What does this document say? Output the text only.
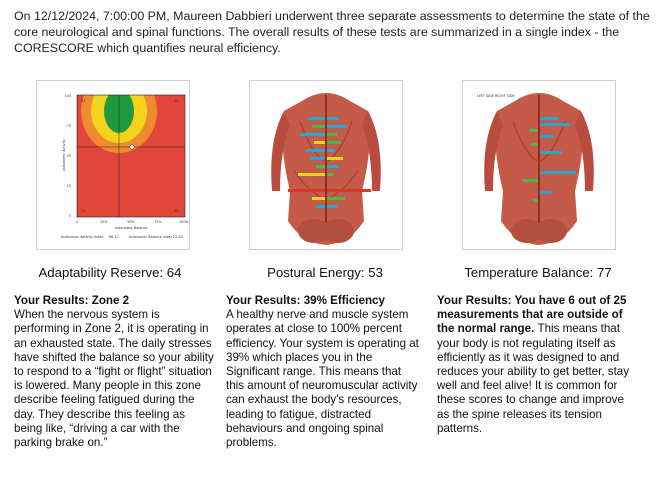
On 12/12/2024, 7:00:00 PM, Maureen Dabbieri underwent three separate assessments to determine the state of the core neurological and spinal functions. The overall results of these tests are summarized in a single index - the CORESCORE which quantifies neural efficiency.
Z1	Z2
Z3	Z4
100
75
50
25
0
0	25%	50%	75%	100%
Autonomic Activity
Autonomic Balance
Autonomic Activity Index 68.17	Autonomic Balance Index 22.29
LEFT SIDE RIGHT SIDE
Adaptability Reserve: 64	Postural Energy: 53	Temperature Balance: 77
Your Results: Zone 2
When the nervous system is performing in Zone 2, it is operating in an exhausted state. The daily stresses have shifted the balance so your ability to respond to a “fight or flight” situation is lowered. Many people in this zone describe feeling fatigued during the day. They describe this feeling as being like, “driving a car with the parking brake on.”
Your Results: 39% Efficiency
A healthy nerve and muscle system operates at close to 100% percent efficiency. Your system is operating at 39% which places you in the Significant range. This means that this amount of neuromuscular activity can exhaust the body's resources, leading to fatigue, distracted behaviours and ongoing spinal problems.
Your Results: You have 6 out of 25 measurements that are outside of the normal range. This means that your body is not regulating itself as efficiently as it was designed to and reduces your ability to get better, stay well and feel alive! It is common for these scores to change and improve as the spine releases its tension patterns.
